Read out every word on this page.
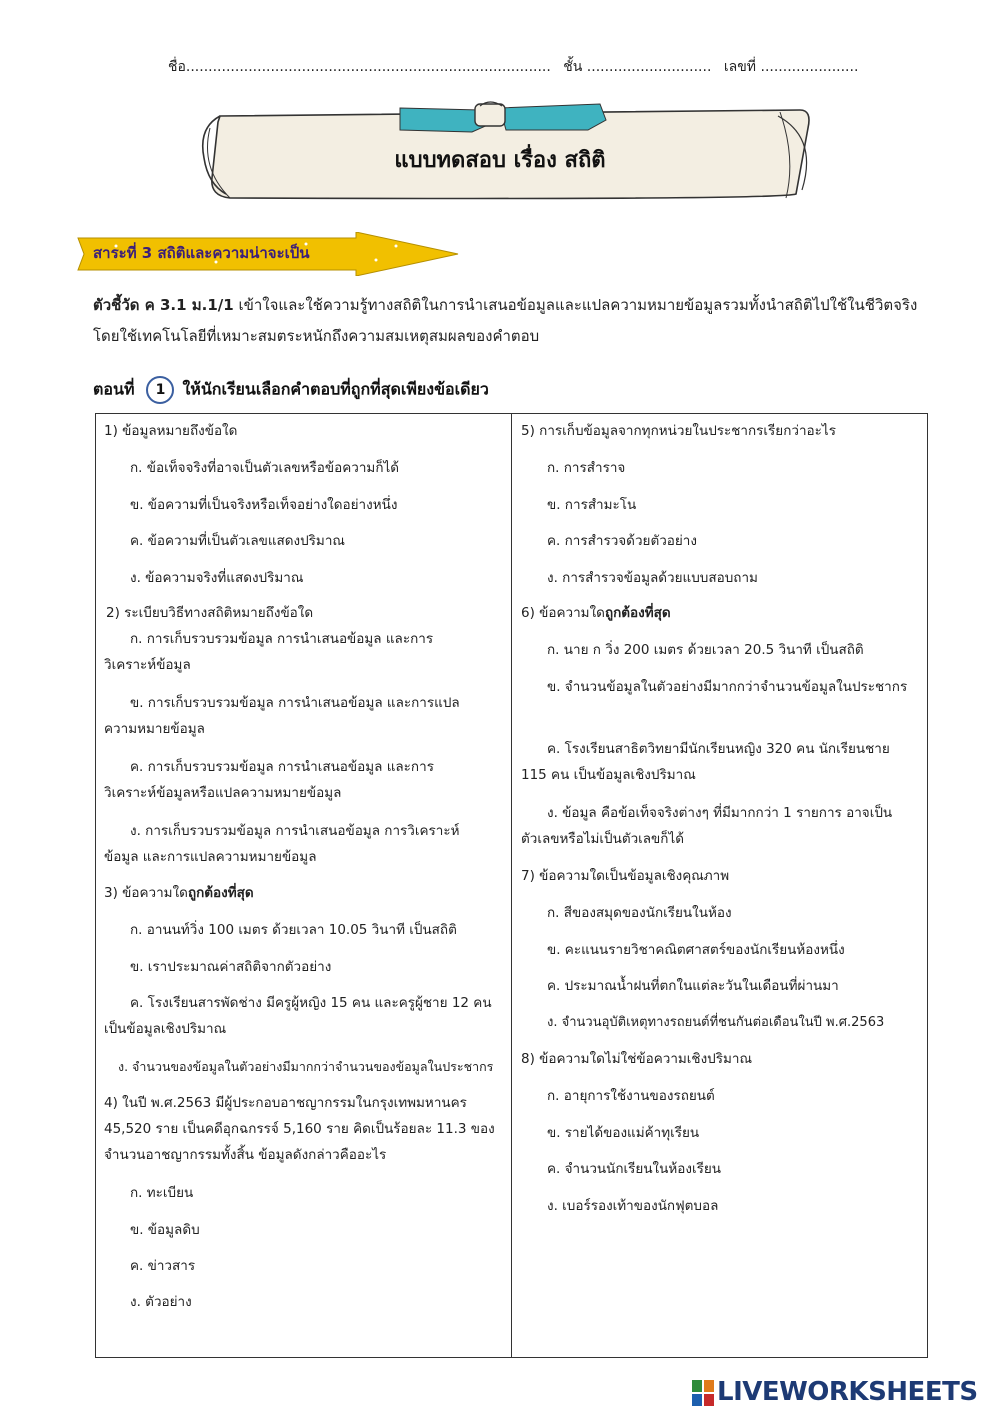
ชื่อ.................................................................................. ชั้น ............................ เลขที่ ......................
แบบทดสอบ เรื่อง สถิติ
สาระที่ 3 สถิติและความน่าจะเป็น
ตัวชี้วัด ค 3.1 ม.1/1 เข้าใจและใช้ความรู้ทางสถิติในการนำเสนอข้อมูลและแปลความหมายข้อมูลรวมทั้งนำสถิติไปใช้ในชีวิตจริงโดยใช้เทคโนโลยีที่เหมาะสมตระหนักถึงความสมเหตุสมผลของคำตอบ
ตอนที่ 1 ให้นักเรียนเลือกคำตอบที่ถูกที่สุดเพียงข้อเดียว
1) ข้อมูลหมายถึงข้อใด
ก. ข้อเท็จจริงที่อาจเป็นตัวเลขหรือข้อความก็ได้
ข. ข้อความที่เป็นจริงหรือเท็จอย่างใดอย่างหนึ่ง
ค. ข้อความที่เป็นตัวเลขแสดงปริมาณ
ง. ข้อความจริงที่แสดงปริมาณ
2) ระเบียบวิธีทางสถิติหมายถึงข้อใด
ก. การเก็บรวบรวมข้อมูล การนำเสนอข้อมูล และการวิเคราะห์ข้อมูล
ข. การเก็บรวบรวมข้อมูล การนำเสนอข้อมูล และการแปลความหมายข้อมูล
ค. การเก็บรวบรวมข้อมูล การนำเสนอข้อมูล และการวิเคราะห์ข้อมูลหรือแปลความหมายข้อมูล
ง. การเก็บรวบรวมข้อมูล การนำเสนอข้อมูล การวิเคราะห์ข้อมูล และการแปลความหมายข้อมูล
3) ข้อความใดถูกต้องที่สุด
ก. อานนท์วิ่ง 100 เมตร ด้วยเวลา 10.05 วินาที เป็นสถิติ
ข. เราประมาณค่าสถิติจากตัวอย่าง
ค. โรงเรียนสารพัดช่าง มีครูผู้หญิง 15 คน และครูผู้ชาย 12 คน เป็นข้อมูลเชิงปริมาณ
ง. จำนวนของข้อมูลในตัวอย่างมีมากกว่าจำนวนของข้อมูลในประชากร
4) ในปี พ.ศ.2563 มีผู้ประกอบอาชญากรรมในกรุงเทพมหานคร 45,520 ราย เป็นคดีอุกฉกรรจ์ 5,160 ราย คิดเป็นร้อยละ 11.3 ของจำนวนอาชญากรรมทั้งสิ้น ข้อมูลดังกล่าวคืออะไร
ก. ทะเบียน
ข. ข้อมูลดิบ
ค. ข่าวสาร
ง. ตัวอย่าง
5) การเก็บข้อมูลจากทุกหน่วยในประชากรเรียกว่าอะไร
ก. การสำราจ
ข. การสำมะโน
ค. การสำรวจด้วยตัวอย่าง
ง. การสำรวจข้อมูลด้วยแบบสอบถาม
6) ข้อความใดถูกต้องที่สุด
ก. นาย ก วิ่ง 200 เมตร ด้วยเวลา 20.5 วินาที เป็นสถิติ
ข. จำนวนข้อมูลในตัวอย่างมีมากกว่าจำนวนข้อมูลในประชากร
ค. โรงเรียนสาธิตวิทยามีนักเรียนหญิง 320 คน นักเรียนชาย 115 คน เป็นข้อมูลเชิงปริมาณ
ง. ข้อมูล คือข้อเท็จจริงต่างๆ ที่มีมากกว่า 1 รายการ อาจเป็นตัวเลขหรือไม่เป็นตัวเลขก็ได้
7) ข้อความใดเป็นข้อมูลเชิงคุณภาพ
ก. สีของสมุดของนักเรียนในห้อง
ข. คะแนนรายวิชาคณิตศาสตร์ของนักเรียนห้องหนึ่ง
ค. ประมาณน้ำฝนที่ตกในแต่ละวันในเดือนที่ผ่านมา
ง. จำนวนอุบัติเหตุทางรถยนต์ที่ชนกันต่อเดือนในปี พ.ศ.2563
8) ข้อความใดไม่ใช่ข้อความเชิงปริมาณ
ก. อายุการใช้งานของรถยนต์
ข. รายได้ของแม่ค้าทุเรียน
ค. จำนวนนักเรียนในห้องเรียน
ง. เบอร์รองเท้าของนักฟุตบอล
LIVEWORKSHEETS
